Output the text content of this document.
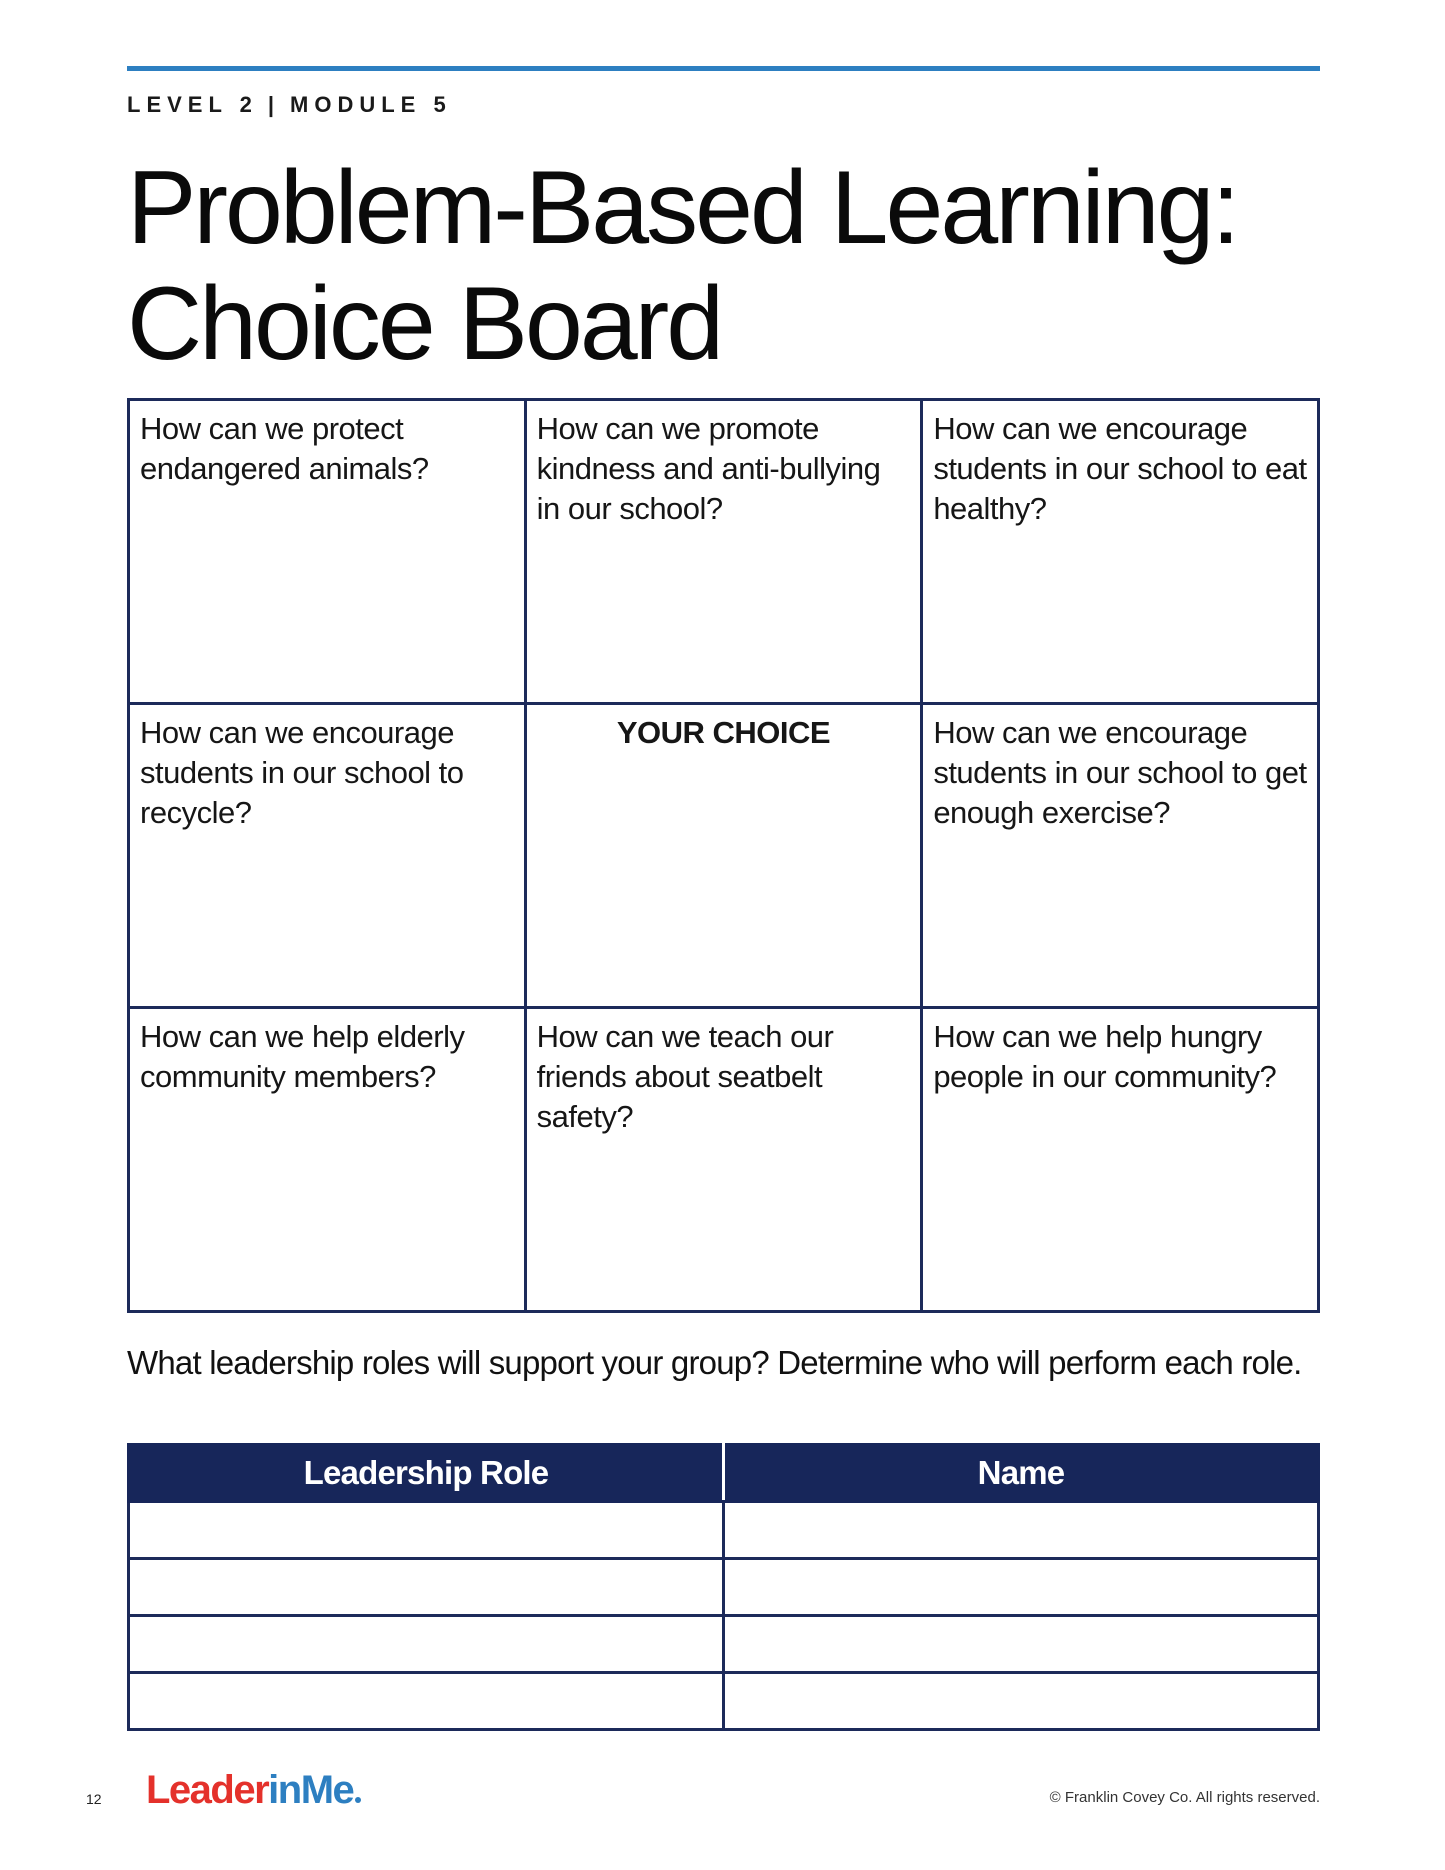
LEVEL 2 | MODULE 5
Problem-Based Learning:
Choice Board
How can we protect endangered animals?	How can we promote kindness and anti-bullying in our school?	How can we encourage students in our school to eat healthy?
How can we encourage students in our school to recycle?	YOUR CHOICE	How can we encourage students in our school to get enough exercise?
How can we help elderly community members?	How can we teach our friends about seatbelt safety?	How can we help hungry people in our community?

What leadership roles will support your group? Determine who will perform each role.

Leadership Role	Name

12 LeaderinMe	© Franklin Covey Co. All rights reserved.
